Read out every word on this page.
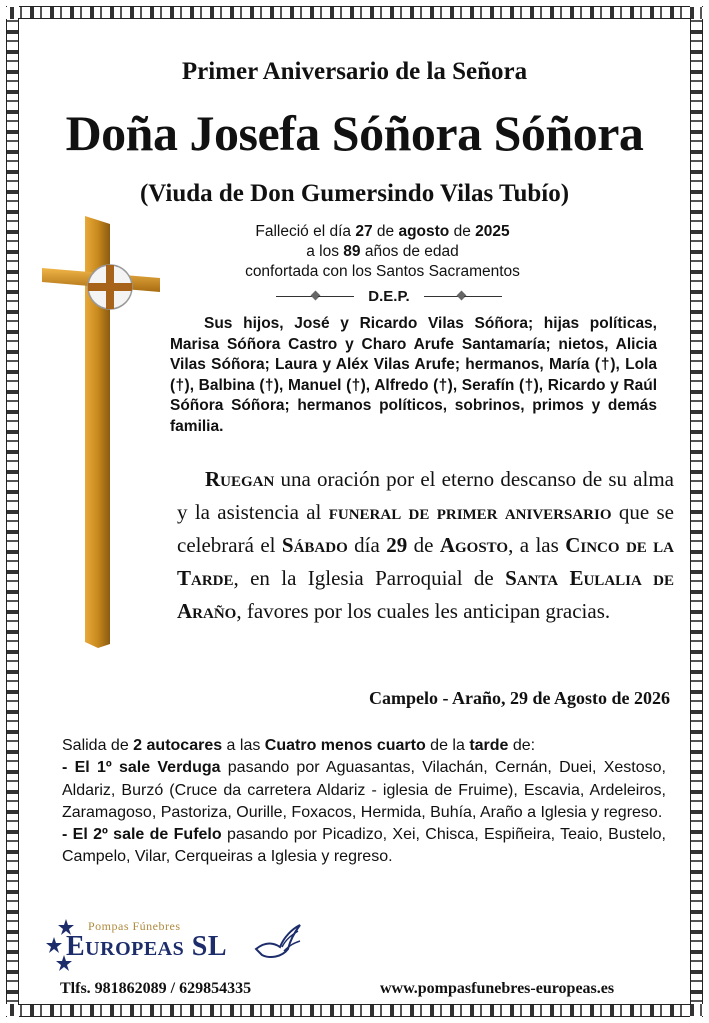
Primer Aniversario de la Señora
Doña Josefa Sóñora Sóñora
(Viuda de Don Gumersindo Vilas Tubío)
Falleció el día 27 de agosto de 2025
a los 89 años de edad
confortada con los Santos Sacramentos
D.E.P.
Sus hijos, José y Ricardo Vilas Sóñora; hijas políticas, Marisa Sóñora Castro y Charo Arufe Santamaría; nietos, Alicia Vilas Sóñora; Laura y Aléx Vilas Arufe; hermanos, María (†), Lola (†), Balbina (†), Manuel (†), Alfredo (†), Serafín (†), Ricardo y Raúl Sóñora Sóñora; hermanos políticos, sobrinos, primos y demás familia.
Ruegan una oración por el eterno descanso de su alma y la asistencia al funeral de primer aniversario que se celebrará el Sábado día 29 de Agosto, a las Cinco de la Tarde, en la Iglesia Parroquial de Santa Eulalia de Araño, favores por los cuales les anticipan gracias.
Campelo - Araño, 29 de Agosto de 2026
Salida de 2 autocares a las Cuatro menos cuarto de la tarde de:
- El 1º sale Verduga pasando por Aguasantas, Vilachán, Cernán, Duei, Xestoso, Aldariz, Burzó (Cruce da carretera Aldariz - iglesia de Fruime), Escavia, Ardeleiros, Zaramagoso, Pastoriza, Ourille, Foxacos, Hermida, Buhía, Araño a Iglesia y regreso.
- El 2º sale de Fufelo pasando por Picadizo, Xei, Chisca, Espiñeira, Teaio, Bustelo, Campelo, Vilar, Cerqueiras a Iglesia y regreso.
Pompas Fúnebres
Europeas SL
Tlfs. 981862089 / 629854335	www.pompasfunebres-europeas.es
